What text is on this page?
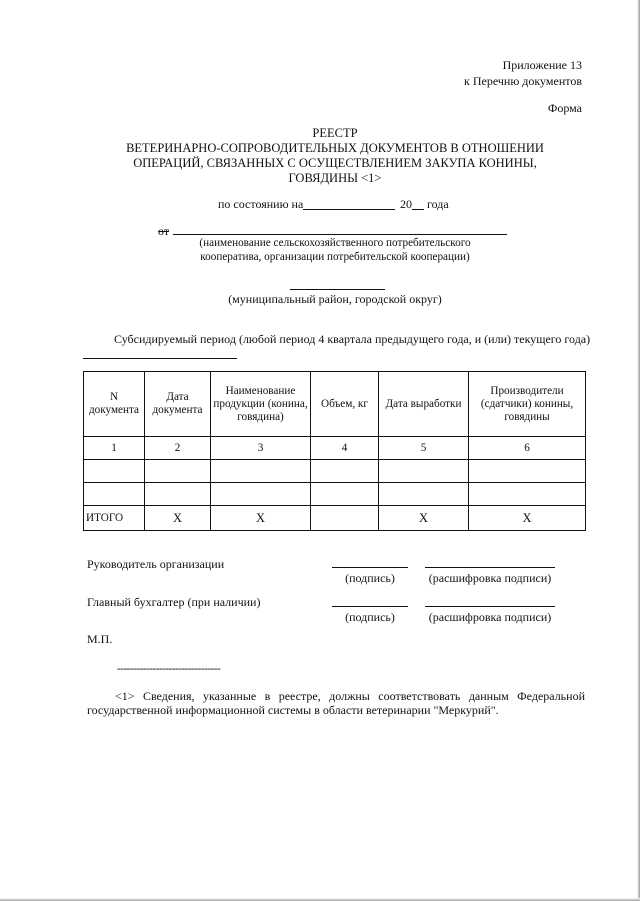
Приложение 13
к Перечню документов
Форма
РЕЕСТР
ВЕТЕРИНАРНО-СОПРОВОДИТЕЛЬНЫХ ДОКУМЕНТОВ В ОТНОШЕНИИ
ОПЕРАЦИЙ, СВЯЗАННЫХ С ОСУЩЕСТВЛЕНИЕМ ЗАКУПА КОНИНЫ,
ГОВЯДИНЫ <1>
по состоянию на	20 года
от
(наименование сельскохозяйственного потребительского
кооператива, организации потребительской кооперации)
(муниципальный район, городской округ)
Субсидируемый период (любой период 4 квартала предыдущего года, и (или) текущего года)
N документа	Дата документа	Наименование продукции (конина, говядина)	Объем, кг	Дата выработки	Производители (сдатчики) конины, говядины
1	2	3	4	5	6

ИТОГО	Х	Х		Х	Х
Руководитель организации
(подпись)	(расшифровка подписи)
Главный бухгалтер (при наличии)
(подпись)	(расшифровка подписи)
М.П.
--------------------------------
<1> Сведения, указанные в реестре, должны соответствовать данным Федеральной государственной информационной системы в области ветеринарии "Меркурий".
